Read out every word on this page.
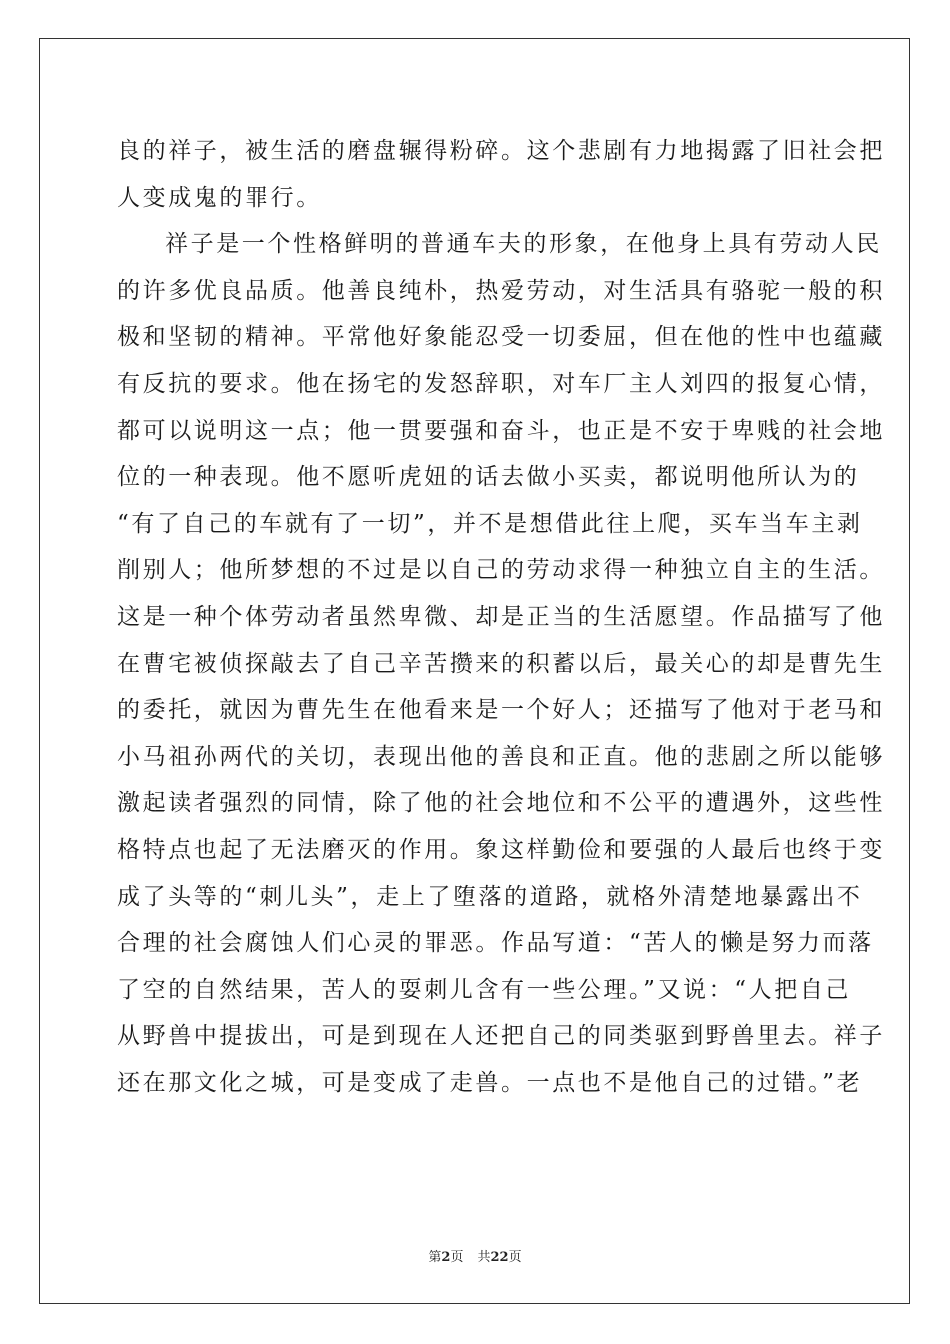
良的祥子，被生活的磨盘辗得粉碎。这个悲剧有力地揭露了旧社会把
人变成鬼的罪行。
祥子是一个性格鲜明的普通车夫的形象，在他身上具有劳动人民
的许多优良品质。他善良纯朴，热爱劳动，对生活具有骆驼一般的积
极和坚韧的精神。平常他好象能忍受一切委屈，但在他的性中也蕴藏
有反抗的要求。他在扬宅的发怒辞职，对车厂主人刘四的报复心情，
都可以说明这一点；他一贯要强和奋斗，也正是不安于卑贱的社会地
位的一种表现。他不愿听虎妞的话去做小买卖，都说明他所认为的
“有了自己的车就有了一切”，并不是想借此往上爬，买车当车主剥
削别人；他所梦想的不过是以自己的劳动求得一种独立自主的生活。
这是一种个体劳动者虽然卑微、却是正当的生活愿望。作品描写了他
在曹宅被侦探敲去了自己辛苦攒来的积蓄以后，最关心的却是曹先生
的委托，就因为曹先生在他看来是一个好人；还描写了他对于老马和
小马祖孙两代的关切，表现出他的善良和正直。他的悲剧之所以能够
激起读者强烈的同情，除了他的社会地位和不公平的遭遇外，这些性
格特点也起了无法磨灭的作用。象这样勤俭和要强的人最后也终于变
成了头等的“刺儿头”，走上了堕落的道路，就格外清楚地暴露出不
合理的社会腐蚀人们心灵的罪恶。作品写道：“苦人的懒是努力而落
了空的自然结果，苦人的耍刺儿含有一些公理。”又说：“人把自己
从野兽中提拔出，可是到现在人还把自己的同类驱到野兽里去。祥子
还在那文化之城，可是变成了走兽。一点也不是他自己的过错。”老
第2页 共22页
